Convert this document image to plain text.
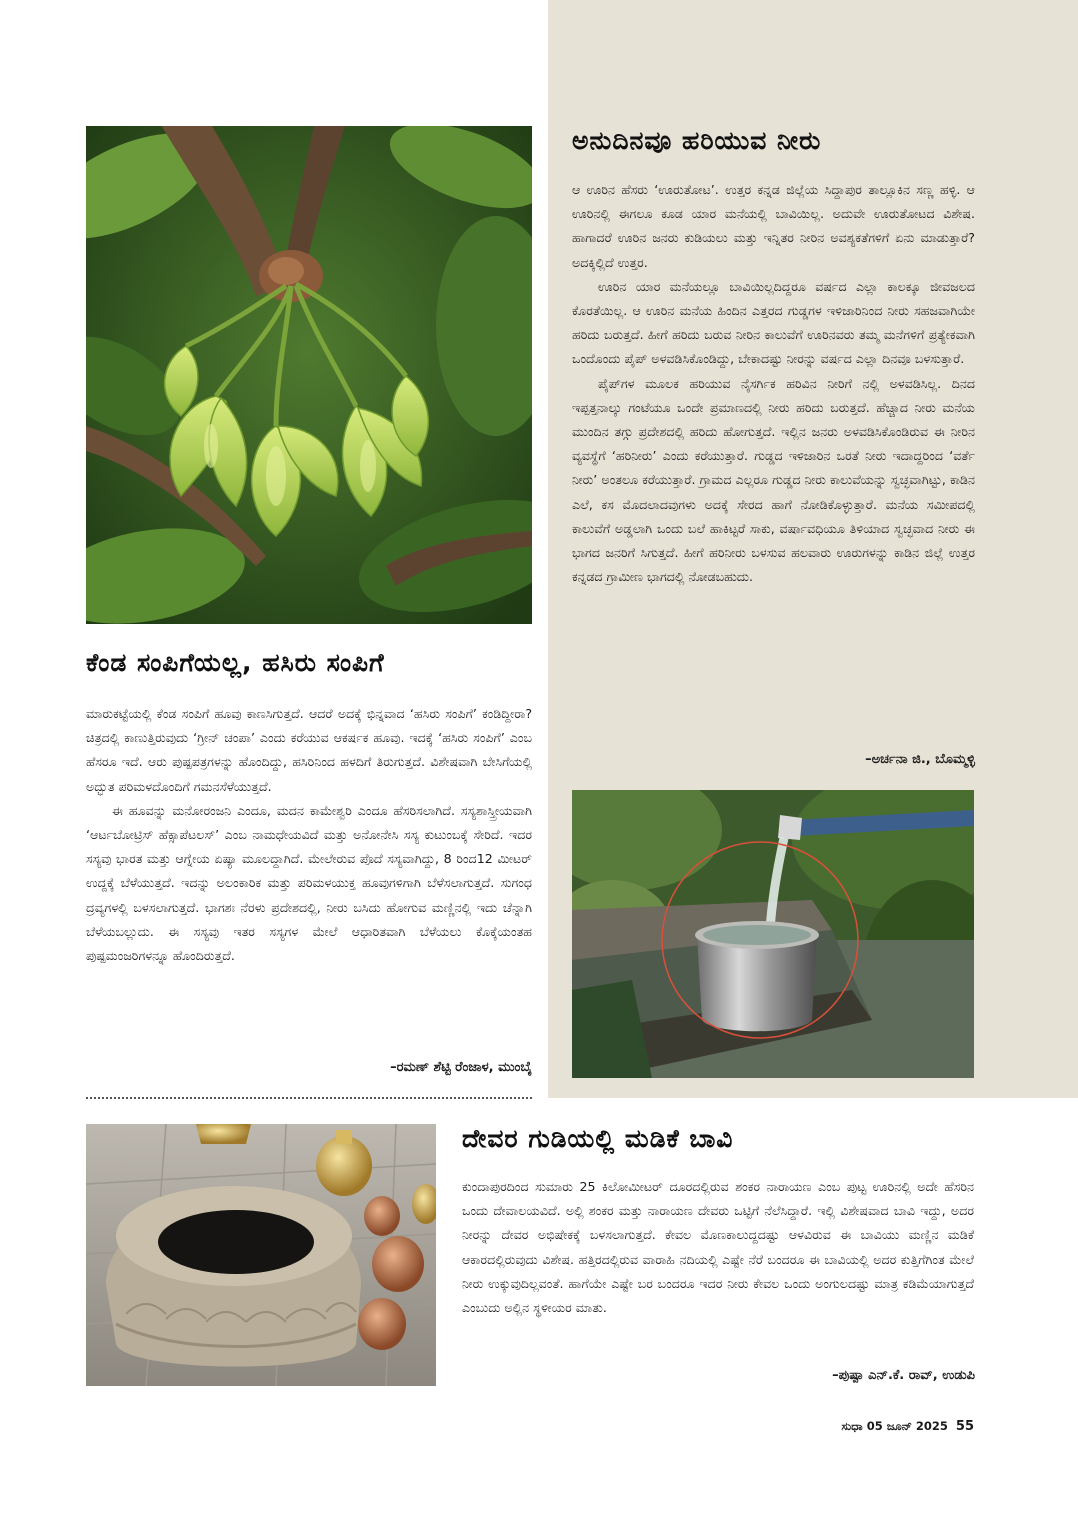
ಕೆಂಡ ಸಂಪಿಗೆಯಲ್ಲ, ಹಸಿರು ಸಂಪಿಗೆ

ಮಾರುಕಟ್ಟೆಯಲ್ಲಿ ಕೆಂಡ ಸಂಪಿಗೆ ಹೂವು ಕಾಣಸಿಗುತ್ತದೆ. ಆದರೆ ಅದಕ್ಕೆ ಭಿನ್ನವಾದ ‘ಹಸಿರು ಸಂಪಿಗೆ’ ಕಂಡಿದ್ದೀರಾ? ಚಿತ್ರದಲ್ಲಿ ಕಾಣುತ್ತಿರುವುದು ‘ಗ್ರೀನ್ ಚಂಪಾ’ ಎಂದು ಕರೆಯುವ ಆಕರ್ಷಕ ಹೂವು. ಇದಕ್ಕೆ ‘ಹಸಿರು ಸಂಪಿಗೆ’ ಎಂಬ ಹೆಸರೂ ಇದೆ. ಆರು ಪುಷ್ಪಪತ್ರಗಳನ್ನು ಹೊಂದಿದ್ದು, ಹಸಿರಿನಿಂದ ಹಳದಿಗೆ ತಿರುಗುತ್ತದೆ. ವಿಶೇಷವಾಗಿ ಬೇಸಿಗೆಯಲ್ಲಿ ಅದ್ಭುತ ಪರಿಮಳದೊಂದಿಗೆ ಗಮನಸೆಳೆಯುತ್ತದೆ.

ಈ ಹೂವನ್ನು ಮನೋರಂಜನಿ ಎಂದೂ, ಮದನ ಕಾಮೇಶ್ವರಿ ಎಂದೂ ಹೆಸರಿಸಲಾಗಿದೆ. ಸಸ್ಯಶಾಸ್ತ್ರೀಯವಾಗಿ ‘ಆರ್ಟಬೋಟ್ರಿಸ್ ಹೆಕ್ಸಾಪೆಟಲಸ್’ ಎಂಬ ನಾಮಧೇಯವಿದೆ ಮತ್ತು ಅನೋನೇಸಿ ಸಸ್ಯ ಕುಟುಂಬಕ್ಕೆ ಸೇರಿದೆ. ಇದರ ಸಸ್ಯವು ಭಾರತ ಮತ್ತು ಆಗ್ನೇಯ ಏಷ್ಯಾ ಮೂಲದ್ದಾಗಿದೆ. ಮೇಲೇರುವ ಪೊದೆ ಸಸ್ಯವಾಗಿದ್ದು, 8 ರಿಂದ12 ಮೀಟರ್ ಉದ್ದಕ್ಕೆ ಬೆಳೆಯುತ್ತದೆ. ಇದನ್ನು ಅಲಂಕಾರಿಕ ಮತ್ತು ಪರಿಮಳಯುಕ್ತ ಹೂವುಗಳಿಗಾಗಿ ಬೆಳೆಸಲಾಗುತ್ತದೆ. ಸುಗಂಧ ದ್ರವ್ಯಗಳಲ್ಲಿ ಬಳಸಲಾಗುತ್ತದೆ. ಭಾಗಶಃ ನೆರಳು ಪ್ರದೇಶದಲ್ಲಿ, ನೀರು ಬಸಿದು ಹೋಗುವ ಮಣ್ಣಿನಲ್ಲಿ ಇದು ಚೆನ್ನಾಗಿ ಬೆಳೆಯಬಲ್ಲುದು. ಈ ಸಸ್ಯವು ಇತರ ಸಸ್ಯಗಳ ಮೇಲೆ ಆಧಾರಿತವಾಗಿ ಬೆಳೆಯಲು ಕೊಕ್ಕೆಯಂತಹ ಪುಷ್ಪಮಂಜರಿಗಳನ್ನೂ ಹೊಂದಿರುತ್ತದೆ.

–ರಮಣ್ ಶೆಟ್ಟಿ ರೆಂಜಾಳ, ಮುಂಬೈ
ಅನುದಿನವೂ ಹರಿಯುವ ನೀರು

ಆ ಊರಿನ ಹೆಸರು ‘ಊರುತೋಟ’. ಉತ್ತರ ಕನ್ನಡ ಜಿಲ್ಲೆಯ ಸಿದ್ದಾಪುರ ತಾಲ್ಲೂಕಿನ ಸಣ್ಣ ಹಳ್ಳಿ. ಆ ಊರಿನಲ್ಲಿ ಈಗಲೂ ಕೂಡ ಯಾರ ಮನೆಯಲ್ಲಿ ಬಾವಿಯಿಲ್ಲ. ಅದುವೇ ಊರುತೋಟದ ವಿಶೇಷ. ಹಾಗಾದರೆ ಊರಿನ ಜನರು ಕುಡಿಯಲು ಮತ್ತು ಇನ್ನಿತರ ನೀರಿನ ಅವಶ್ಯಕತೆಗಳಿಗೆ ಏನು ಮಾಡುತ್ತಾರೆ? ಅದಕ್ಕಿಲ್ಲಿದೆ ಉತ್ತರ.

ಊರಿನ ಯಾರ ಮನೆಯಲ್ಲೂ ಬಾವಿಯಿಲ್ಲದಿದ್ದರೂ ವರ್ಷದ ಎಲ್ಲಾ ಕಾಲಕ್ಕೂ ಜೀವಜಲದ ಕೊರತೆಯಿಲ್ಲ. ಆ ಊರಿನ ಮನೆಯ ಹಿಂದಿನ ಎತ್ತರದ ಗುಡ್ಡಗಳ ಇಳಿಜಾರಿನಿಂದ ನೀರು ಸಹಜವಾಗಿಯೇ ಹರಿದು ಬರುತ್ತದೆ. ಹೀಗೆ ಹರಿದು ಬರುವ ನೀರಿನ ಕಾಲುವೆಗೆ ಊರಿನವರು ತಮ್ಮ ಮನೆಗಳಿಗೆ ಪ್ರತ್ಯೇಕವಾಗಿ ಒಂದೊಂದು ಪೈಪ್ ಅಳವಡಿಸಿಕೊಂಡಿದ್ದು, ಬೇಕಾದಷ್ಟು ನೀರನ್ನು ವರ್ಷದ ಎಲ್ಲಾ ದಿನವೂ ಬಳಸುತ್ತಾರೆ.

ಪೈಪ್‌ಗಳ ಮೂಲಕ ಹರಿಯುವ ನೈಸರ್ಗಿಕ ಹರಿವಿನ ನೀರಿಗೆ ನಲ್ಲಿ ಅಳವಡಿಸಿಲ್ಲ. ದಿನದ ಇಪ್ಪತ್ತನಾಲ್ಕು ಗಂಟೆಯೂ ಒಂದೇ ಪ್ರಮಾಣದಲ್ಲಿ ನೀರು ಹರಿದು ಬರುತ್ತದೆ. ಹೆಚ್ಚಾದ ನೀರು ಮನೆಯ ಮುಂದಿನ ತಗ್ಗು ಪ್ರದೇಶದಲ್ಲಿ ಹರಿದು ಹೋಗುತ್ತದೆ. ಇಲ್ಲಿನ ಜನರು ಅಳವಡಿಸಿಕೊಂಡಿರುವ ಈ ನೀರಿನ ವ್ಯವಸ್ಥೆಗೆ ‘ಹರಿನೀರು’ ಎಂದು ಕರೆಯುತ್ತಾರೆ. ಗುಡ್ಡದ ಇಳಿಜಾರಿನ ಒರತೆ ನೀರು ಇದಾದ್ದರಿಂದ ‘ವರ್ತೆ ನೀರು’ ಅಂತಲೂ ಕರೆಯುತ್ತಾರೆ. ಗ್ರಾಮದ ಎಲ್ಲರೂ ಗುಡ್ಡದ ನೀರು ಕಾಲುವೆಯನ್ನು ಸ್ವಚ್ಛವಾಗಿಟ್ಟು, ಕಾಡಿನ ಎಲೆ, ಕಸ ಮೊದಲಾದವುಗಳು ಅದಕ್ಕೆ ಸೇರದ ಹಾಗೆ ನೋಡಿಕೊಳ್ಳುತ್ತಾರೆ. ಮನೆಯ ಸಮೀಪದಲ್ಲಿ ಕಾಲುವೆಗೆ ಅಡ್ಡಲಾಗಿ ಒಂದು ಬಲೆ ಹಾಕಿಟ್ಟರೆ ಸಾಕು, ವರ್ಷಾವಧಿಯೂ ತಿಳಿಯಾದ ಸ್ವಚ್ಛವಾದ ನೀರು ಈ ಭಾಗದ ಜನರಿಗೆ ಸಿಗುತ್ತದೆ. ಹೀಗೆ ಹರಿನೀರು ಬಳಸುವ ಹಲವಾರು ಊರುಗಳನ್ನು ಕಾಡಿನ ಜಿಲ್ಲೆ ಉತ್ತರ ಕನ್ನಡದ ಗ್ರಾಮೀಣ ಭಾಗದಲ್ಲಿ ನೋಡಬಹುದು.

–ಅರ್ಚನಾ ಜಿ., ಬೊಮ್ಮಳ್ಳಿ
ದೇವರ ಗುಡಿಯಲ್ಲಿ ಮಡಿಕೆ ಬಾವಿ

ಕುಂದಾಪುರದಿಂದ ಸುಮಾರು 25 ಕಿಲೋಮೀಟರ್ ದೂರದಲ್ಲಿರುವ ಶಂಕರ ನಾರಾಯಣ ಎಂಬ ಪುಟ್ಟ ಊರಿನಲ್ಲಿ ಅದೇ ಹೆಸರಿನ ಒಂದು ದೇವಾಲಯವಿದೆ. ಅಲ್ಲಿ ಶಂಕರ ಮತ್ತು ನಾರಾಯಣ ದೇವರು ಒಟ್ಟಿಗೆ ನೆಲೆಸಿದ್ದಾರೆ. ಇಲ್ಲಿ ವಿಶೇಷವಾದ ಬಾವಿ ಇದ್ದು, ಅದರ ನೀರನ್ನು ದೇವರ ಅಭಿಷೇಕಕ್ಕೆ ಬಳಸಲಾಗುತ್ತದೆ. ಕೇವಲ ಮೊಣಕಾಲುದ್ದದಷ್ಟು ಆಳವಿರುವ ಈ ಬಾವಿಯು ಮಣ್ಣಿನ ಮಡಿಕೆ ಆಕಾರದಲ್ಲಿರುವುದು ವಿಶೇಷ. ಹತ್ತಿರದಲ್ಲಿರುವ ವಾರಾಹಿ ನದಿಯಲ್ಲಿ ಎಷ್ಟೇ ನೆರೆ ಬಂದರೂ ಈ ಬಾವಿಯಲ್ಲಿ ಅದರ ಕುತ್ತಿಗೆಗಿಂತ ಮೇಲೆ ನೀರು ಉಕ್ಕುವುದಿಲ್ಲವಂತೆ. ಹಾಗೆಯೇ ಎಷ್ಟೇ ಬರ ಬಂದರೂ ಇದರ ನೀರು ಕೇವಲ ಒಂದು ಅಂಗುಲದಷ್ಟು ಮಾತ್ರ ಕಡಿಮೆಯಾಗುತ್ತದೆ ಎಂಬುದು ಅಲ್ಲಿನ ಸ್ಥಳೀಯರ ಮಾತು.

–ಪುಷ್ಪಾ ಎನ್.ಕೆ. ರಾವ್, ಉಡುಪಿ
ಸುಧಾ 05 ಜೂನ್ 2025 55
